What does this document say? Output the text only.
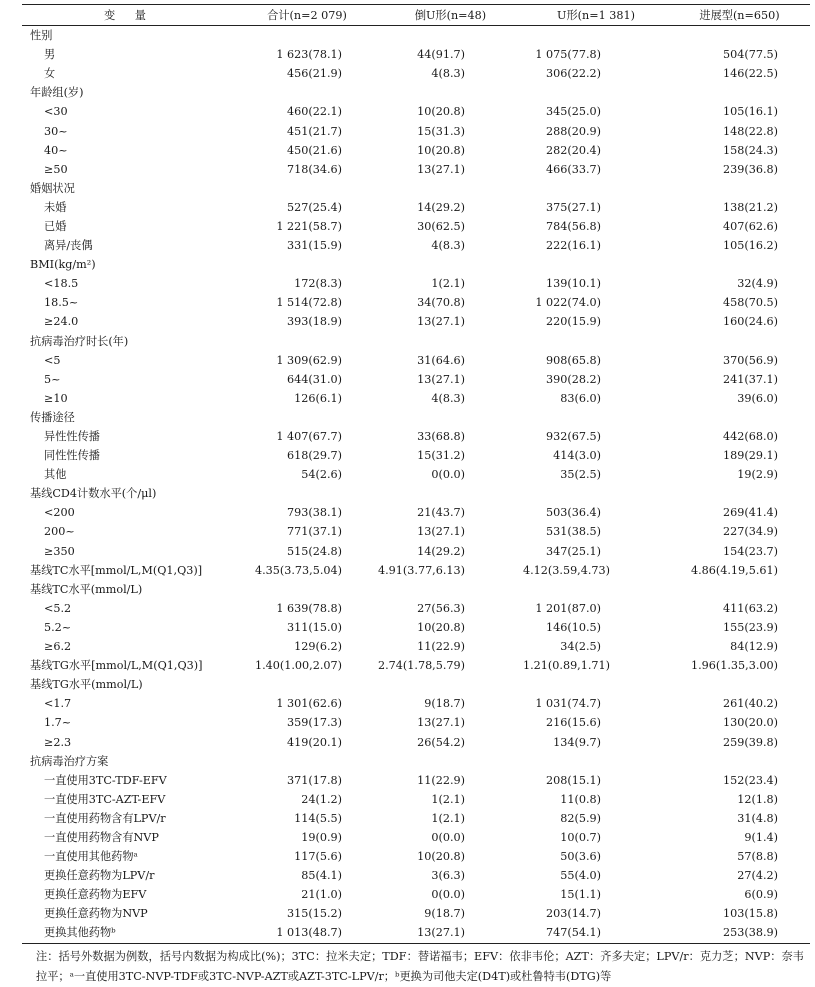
变 量	合计(n=2 079)	倒U形(n=48)	U形(n=1 381)	进展型(n=650)
性别				
男	1 623(78.1)	44(91.7)	1 075(77.8)	504(77.5)
女	456(21.9)	4(8.3)	306(22.2)	146(22.5)
年龄组(岁)				
<30	460(22.1)	10(20.8)	345(25.0)	105(16.1)
30~	451(21.7)	15(31.3)	288(20.9)	148(22.8)
40~	450(21.6)	10(20.8)	282(20.4)	158(24.3)
≥50	718(34.6)	13(27.1)	466(33.7)	239(36.8)
婚姻状况				
未婚	527(25.4)	14(29.2)	375(27.1)	138(21.2)
已婚	1 221(58.7)	30(62.5)	784(56.8)	407(62.6)
离异/丧偶	331(15.9)	4(8.3)	222(16.1)	105(16.2)
BMI(kg/m²)				
<18.5	172(8.3)	1(2.1)	139(10.1)	32(4.9)
18.5~	1 514(72.8)	34(70.8)	1 022(74.0)	458(70.5)
≥24.0	393(18.9)	13(27.1)	220(15.9)	160(24.6)
抗病毒治疗时长(年)				
<5	1 309(62.9)	31(64.6)	908(65.8)	370(56.9)
5~	644(31.0)	13(27.1)	390(28.2)	241(37.1)
≥10	126(6.1)	4(8.3)	83(6.0)	39(6.0)
传播途径				
异性性传播	1 407(67.7)	33(68.8)	932(67.5)	442(68.0)
同性性传播	618(29.7)	15(31.2)	414(3.0)	189(29.1)
其他	54(2.6)	0(0.0)	35(2.5)	19(2.9)
基线CD4计数水平(个/μl)				
<200	793(38.1)	21(43.7)	503(36.4)	269(41.4)
200~	771(37.1)	13(27.1)	531(38.5)	227(34.9)
≥350	515(24.8)	14(29.2)	347(25.1)	154(23.7)
基线TC水平[mmol/L,M(Q1,Q3)]	4.35(3.73,5.04)	4.91(3.77,6.13)	4.12(3.59,4.73)	4.86(4.19,5.61)
基线TC水平(mmol/L)				
<5.2	1 639(78.8)	27(56.3)	1 201(87.0)	411(63.2)
5.2~	311(15.0)	10(20.8)	146(10.5)	155(23.9)
≥6.2	129(6.2)	11(22.9)	34(2.5)	84(12.9)
基线TG水平[mmol/L,M(Q1,Q3)]	1.40(1.00,2.07)	2.74(1.78,5.79)	1.21(0.89,1.71)	1.96(1.35,3.00)
基线TG水平(mmol/L)				
<1.7	1 301(62.6)	9(18.7)	1 031(74.7)	261(40.2)
1.7~	359(17.3)	13(27.1)	216(15.6)	130(20.0)
≥2.3	419(20.1)	26(54.2)	134(9.7)	259(39.8)
抗病毒治疗方案				
一直使用3TC-TDF-EFV	371(17.8)	11(22.9)	208(15.1)	152(23.4)
一直使用3TC-AZT-EFV	24(1.2)	1(2.1)	11(0.8)	12(1.8)
一直使用药物含有LPV/r	114(5.5)	1(2.1)	82(5.9)	31(4.8)
一直使用药物含有NVP	19(0.9)	0(0.0)	10(0.7)	9(1.4)
一直使用其他药物ᵃ	117(5.6)	10(20.8)	50(3.6)	57(8.8)
更换任意药物为LPV/r	85(4.1)	3(6.3)	55(4.0)	27(4.2)
更换任意药物为EFV	21(1.0)	0(0.0)	15(1.1)	6(0.9)
更换任意药物为NVP	315(15.2)	9(18.7)	203(14.7)	103(15.8)
更换其他药物ᵇ	1 013(48.7)	13(27.1)	747(54.1)	253(38.9)
注：括号外数据为例数，括号内数据为构成比(%)；3TC：拉米夫定；TDF：替诺福韦；EFV：依非韦伦；AZT：齐多夫定；LPV/r：克力芝；NVP：奈韦拉平；ᵃ一直使用3TC-NVP-TDF或3TC-NVP-AZT或AZT-3TC-LPV/r；ᵇ更换为司他夫定(D4T)或杜鲁特韦(DTG)等
